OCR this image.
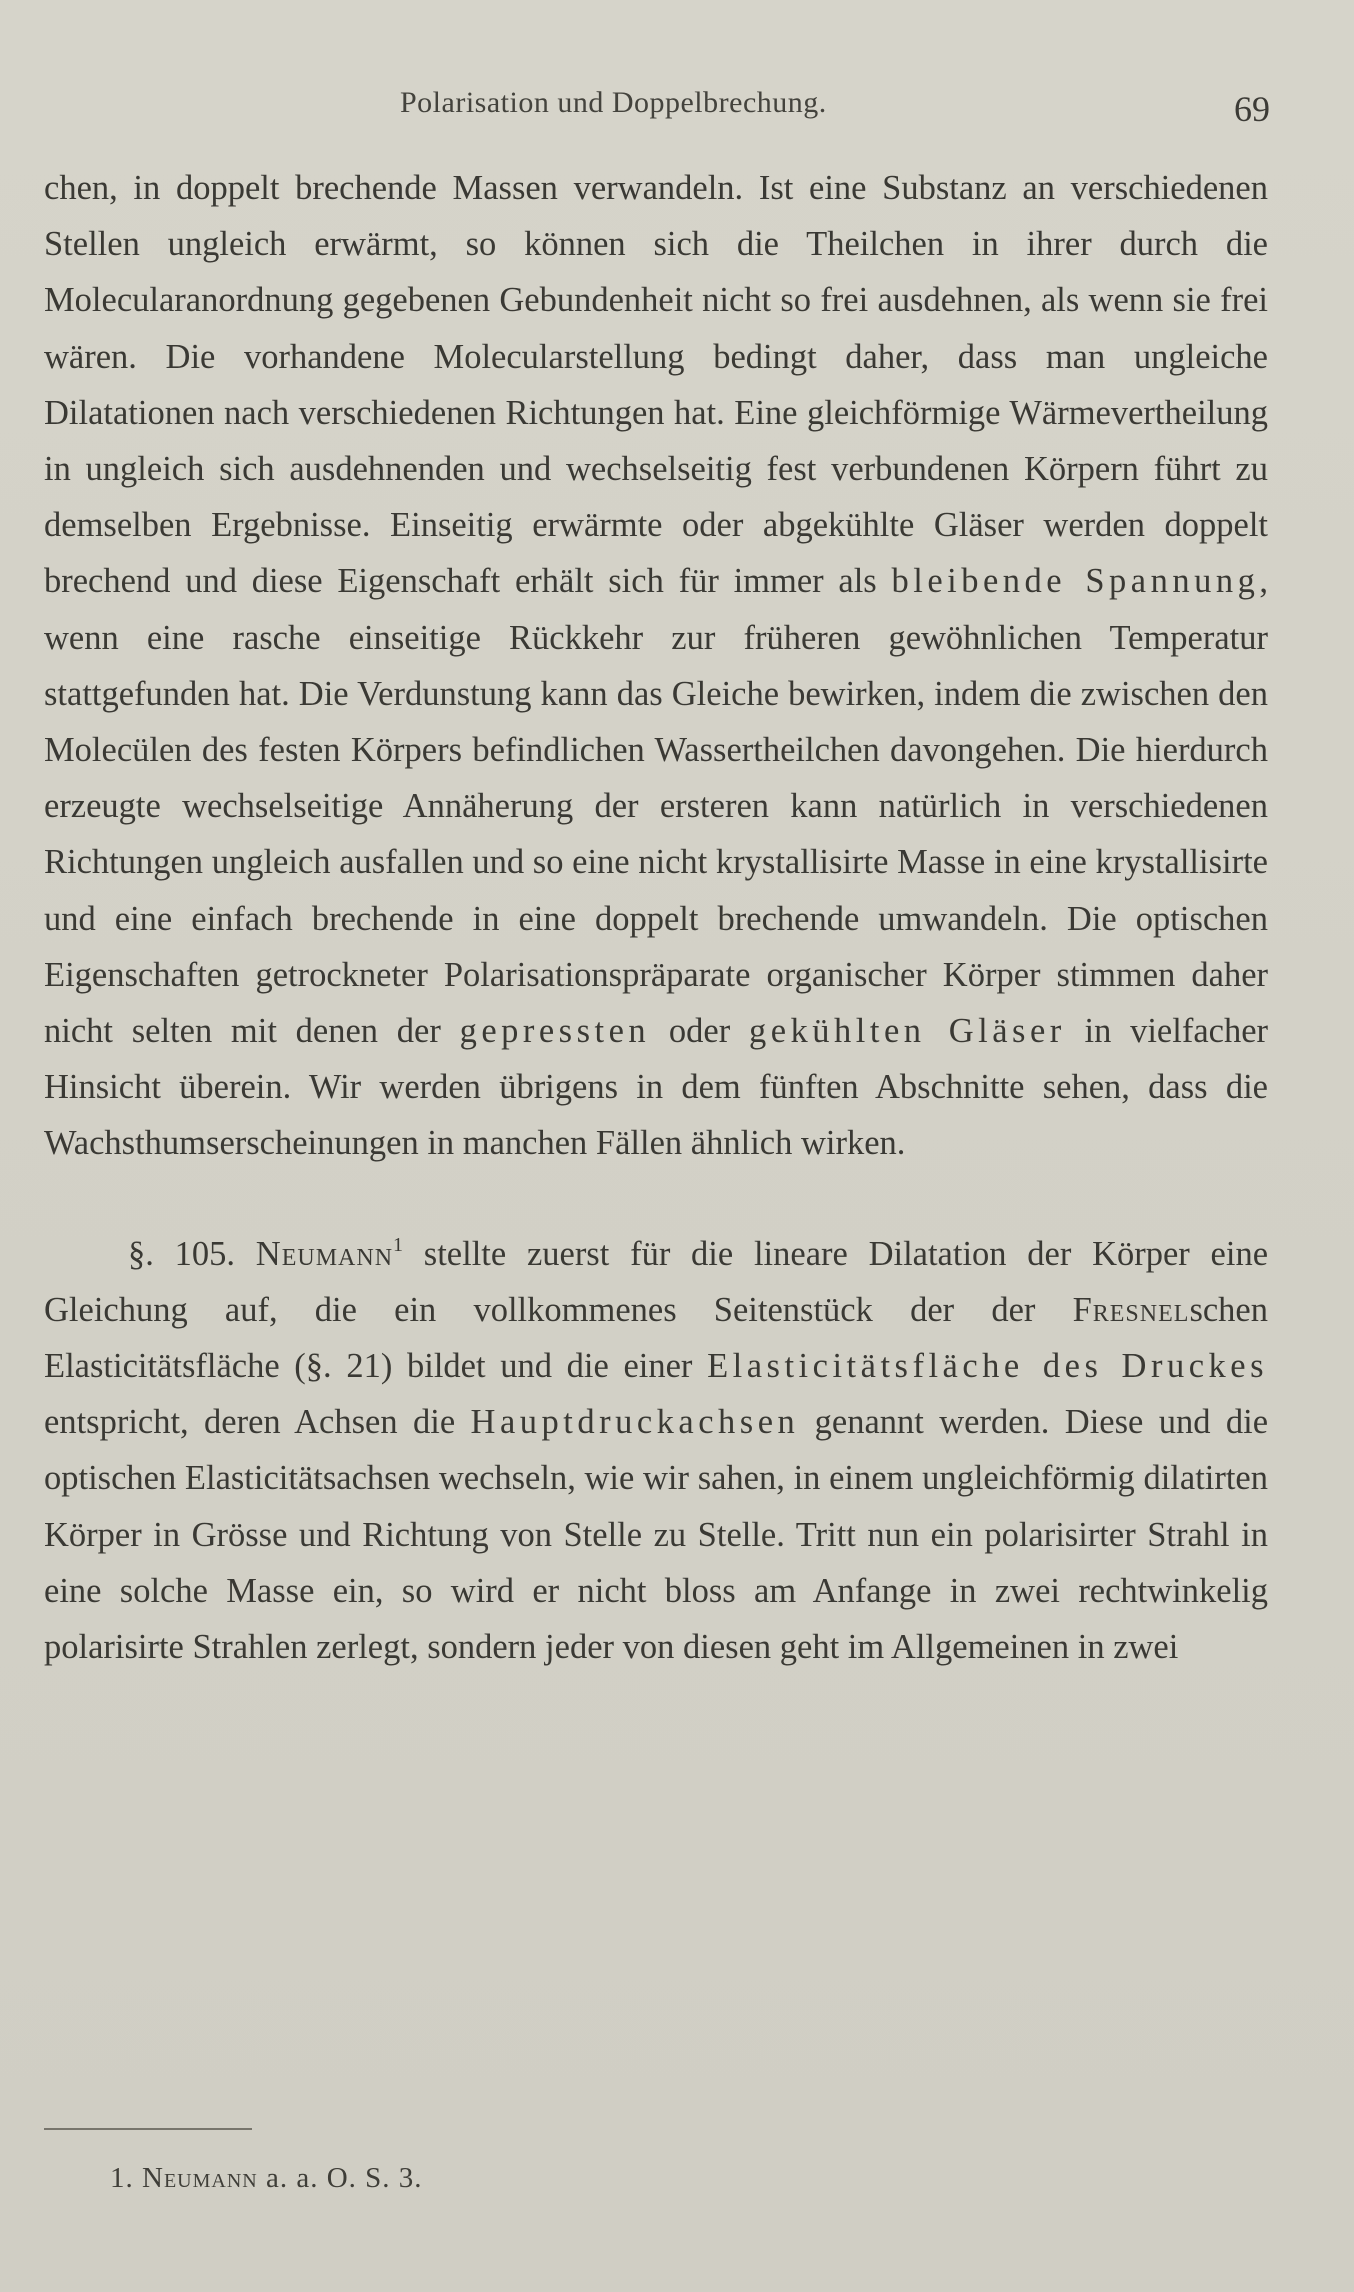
Polarisation und Doppelbrechung.	69

chen, in doppelt brechende Massen verwandeln. Ist eine Substanz an verschiedenen Stellen ungleich erwärmt, so können sich die Theilchen in ihrer durch die Molecularanordnung gegebenen Gebundenheit nicht so frei ausdehnen, als wenn sie frei wären. Die vorhandene Molecularstellung bedingt daher, dass man ungleiche Dilatationen nach verschiedenen Richtungen hat. Eine gleichförmige Wärmevertheilung in ungleich sich ausdehnenden und wechselseitig fest verbundenen Körpern führt zu demselben Ergebnisse. Einseitig erwärmte oder abgekühlte Gläser werden doppelt brechend und diese Eigenschaft erhält sich für immer als bleibende Spannung, wenn eine rasche einseitige Rückkehr zur früheren gewöhnlichen Temperatur stattgefunden hat. Die Verdunstung kann das Gleiche bewirken, indem die zwischen den Molecülen des festen Körpers befindlichen Wassertheilchen davongehen. Die hierdurch erzeugte wechselseitige Annäherung der ersteren kann natürlich in verschiedenen Richtungen ungleich ausfallen und so eine nicht krystallisirte Masse in eine krystallisirte und eine einfach brechende in eine doppelt brechende umwandeln. Die optischen Eigenschaften getrockneter Polarisationspräparate organischer Körper stimmen daher nicht selten mit denen der gepressten oder gekühlten Gläser in vielfacher Hinsicht überein. Wir werden übrigens in dem fünften Abschnitte sehen, dass die Wachsthumserscheinungen in manchen Fällen ähnlich wirken.

§. 105. Neumann$^1$ stellte zuerst für die lineare Dilatation der Körper eine Gleichung auf, die ein vollkommenes Seitenstück der der Fresnelschen Elasticitätsfläche (§. 21) bildet und die einer Elasticitätsfläche des Druckes entspricht, deren Achsen die Hauptdruckachsen genannt werden. Diese und die optischen Elasticitätsachsen wechseln, wie wir sahen, in einem ungleichförmig dilatirten Körper in Grösse und Richtung von Stelle zu Stelle. Tritt nun ein polarisirter Strahl in eine solche Masse ein, so wird er nicht bloss am Anfange in zwei rechtwinkelig polarisirte Strahlen zerlegt, sondern jeder von diesen geht im Allgemeinen in zwei

1. Neumann a. a. O. S. 3.
